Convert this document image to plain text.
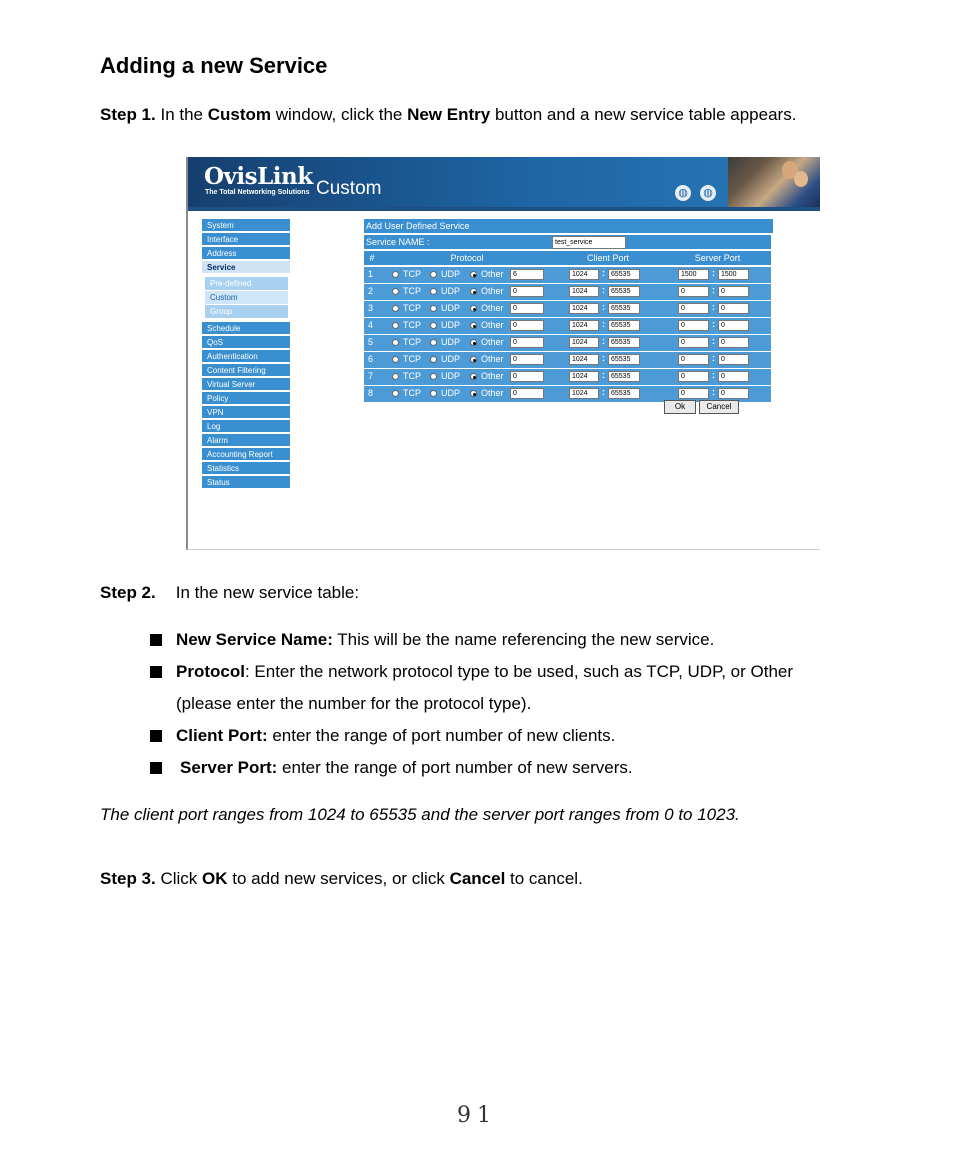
Adding a new Service
Step 1. In the Custom window, click the New Entry button and a new service table appears.
OvisLink
The Total Networking Solutions Custom	◍ ◍
System
Interface
Address
Service
Pre-defined
Custom
Group
Schedule
QoS
Authentication
Content Filtering
Virtual Server
Policy
VPN
Log
Alarm
Accounting Report
Statistics
Status
Add User Defined Service
Service NAME :	test_service
#	Protocol	Client Port	Server Port
1	TCP UDP Other	6	1024	: 65535	1500	: 1500
2	TCP UDP Other	0	1024	: 65535	0	: 0
3	TCP UDP Other	0	1024	: 65535	0	: 0
4	TCP UDP Other	0	1024	: 65535	0	: 0
5	TCP UDP Other	0	1024	: 65535	0	: 0
6	TCP UDP Other	0	1024	: 65535	0	: 0
7	TCP UDP Other	0	1024	: 65535	0	: 0
8	TCP UDP Other	0	1024	: 65535	0	: 0
Ok	Cancel
Step 2. In the new service table:
New Service Name: This will be the name referencing the new service.
Protocol: Enter the network protocol type to be used, such as TCP, UDP, or Other
(please enter the number for the protocol type).
Client Port: enter the range of port number of new clients.
Server Port: enter the range of port number of new servers.
The client port ranges from 1024 to 65535 and the server port ranges from 0 to 1023.
Step 3. Click OK to add new services, or click Cancel to cancel.
91
